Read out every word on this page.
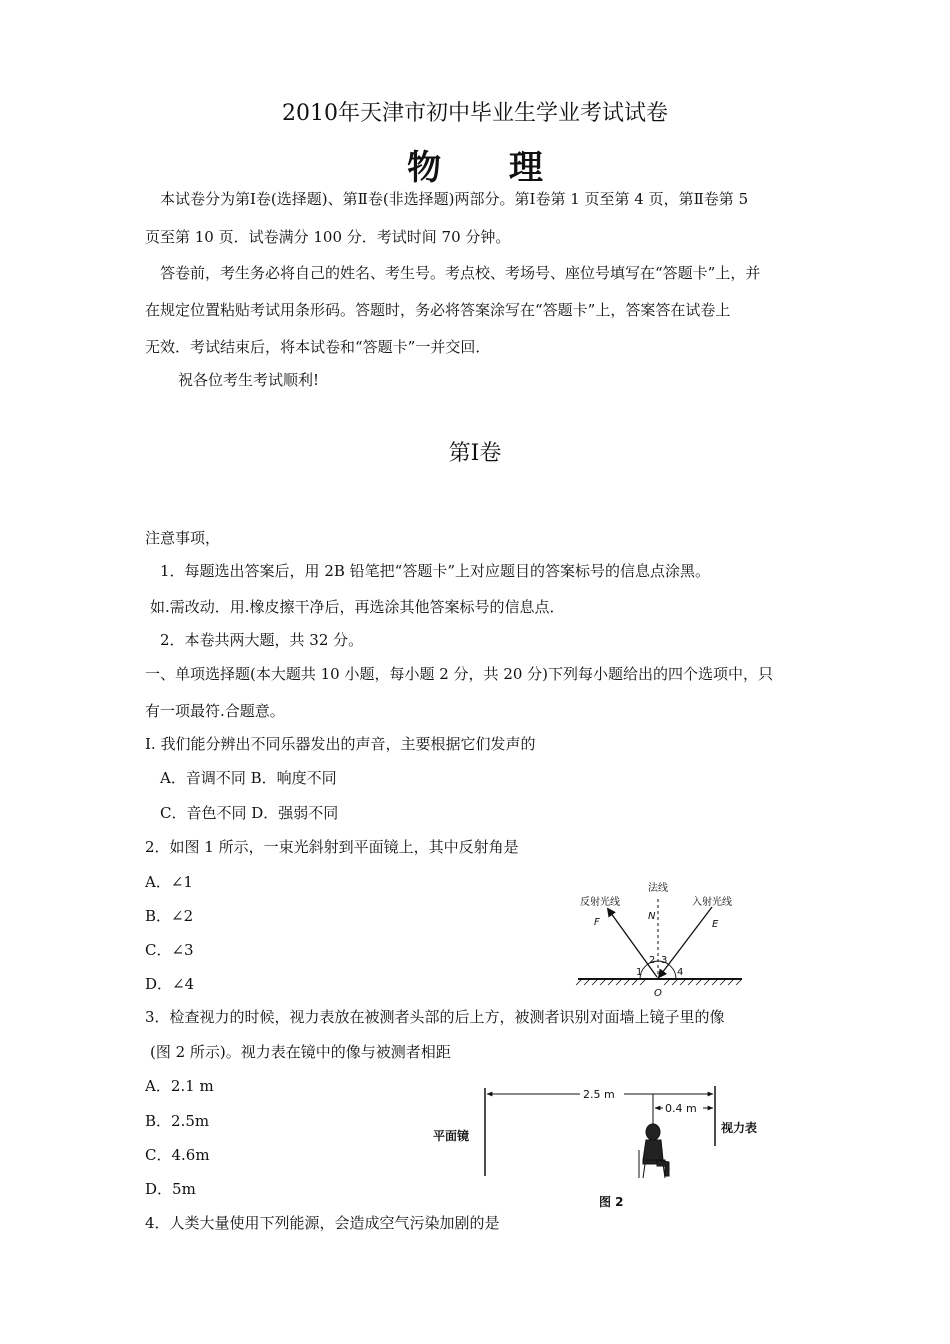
2010年天津市初中毕业生学业考试试卷
物 理
本试卷分为第Ⅰ卷(选择题)、第Ⅱ卷(非选择题)两部分。第Ⅰ卷第 1 页至第 4 页，第Ⅱ卷第 5
页至第 10 页．试卷满分 100 分．考试时间 70 分钟。
答卷前，考生务必将自己的姓名、考生号。考点校、考场号、座位号填写在“答题卡”上，并
在规定位置粘贴考试用条形码。答题时，务必将答案涂写在“答题卡”上，答案答在试卷上
无效．考试结束后，将本试卷和“答题卡”一并交回．
祝各位考生考试顺利!
第Ⅰ卷
注意事项，
1．每题选出答案后，用 2B 铅笔把“答题卡”上对应题目的答案标号的信息点涂黑。
如.需改动．用.橡皮擦干净后，再选涂其他答案标号的信息点．
2．本卷共两大题，共 32 分。
一、单项选择题(本大题共 10 小题，每小题 2 分，共 20 分)下列每小题给出的四个选项中，只
有一项最符.合题意。
I. 我们能分辨出不同乐器发出的声音，主要根据它们发声的
A．音调不同 B．响度不同
C．音色不同 D．强弱不同
2．如图 1 所示，一束光斜射到平面镜上，其中反射角是
A．∠1
B．∠2
C．∠3
D．∠4
反射光线
法线
入射光线
F
N
E
1
2 3
4
O
3．检查视力的时候，视力表放在被测者头部的后上方，被测者识别对面墙上镜子里的像
(图 2 所示)。视力表在镜中的像与被测者相距
A．2.1 m
B．2.5m
C．4.6m
D．5m
2.5 m
0.4 m
平面镜
视力表
图 2
4．人类大量使用下列能源，会造成空气污染加剧的是
